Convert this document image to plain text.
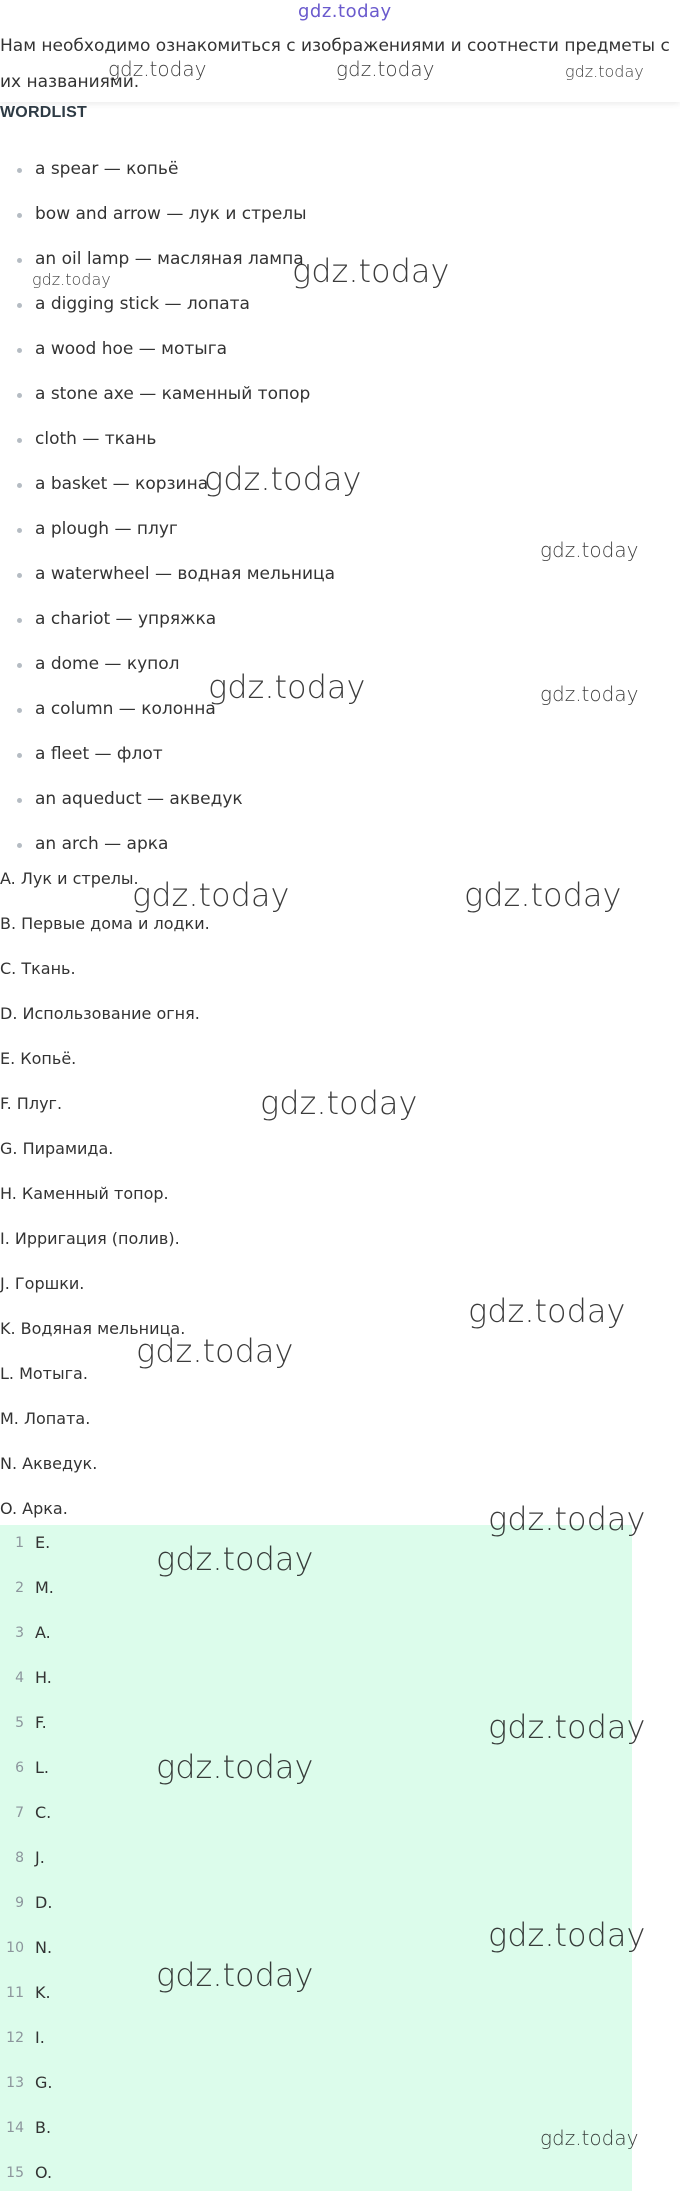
gdz.today
Нам необходимо ознакомиться с изображениями и соотнести предметы с их названиями.
WORDLIST
a spear — копьё
bow and arrow — лук и стрелы
an oil lamp — масляная лампа
a digging stick — лопата
a wood hoe — мотыга
a stone axe — каменный топор
cloth — ткань
a basket — корзина
a plough — плуг
a waterwheel — водная мельница
a chariot — упряжка
a dome — купол
a column — колонна
a fleet — флот
an aqueduct — акведук
an arch — арка
A. Лук и стрелы.
B. Первые дома и лодки.
C. Ткань.
D. Использование огня.
E. Копьё.
F. Плуг.
G. Пирамида.
H. Каменный топор.
I. Ирригация (полив).
J. Горшки.
K. Водяная мельница.
L. Мотыга.
M. Лопата.
N. Акведук.
O. Арка.
1 E.
2 M.
3 A.
4 H.
5 F.
6 L.
7 C.
8 J.
9 D.
10 N.
11 K.
12 I.
13 G.
14 B.
15 O.
gdz.today	gdz.today	gdz.today
gdz.today	gdz.today
gdz.today
gdz.today
gdz.today	gdz.today
gdz.today	gdz.today
gdz.today
gdz.today
gdz.today
gdz.today
gdz.today
gdz.today
gdz.today
gdz.today
gdz.today
gdz.today
